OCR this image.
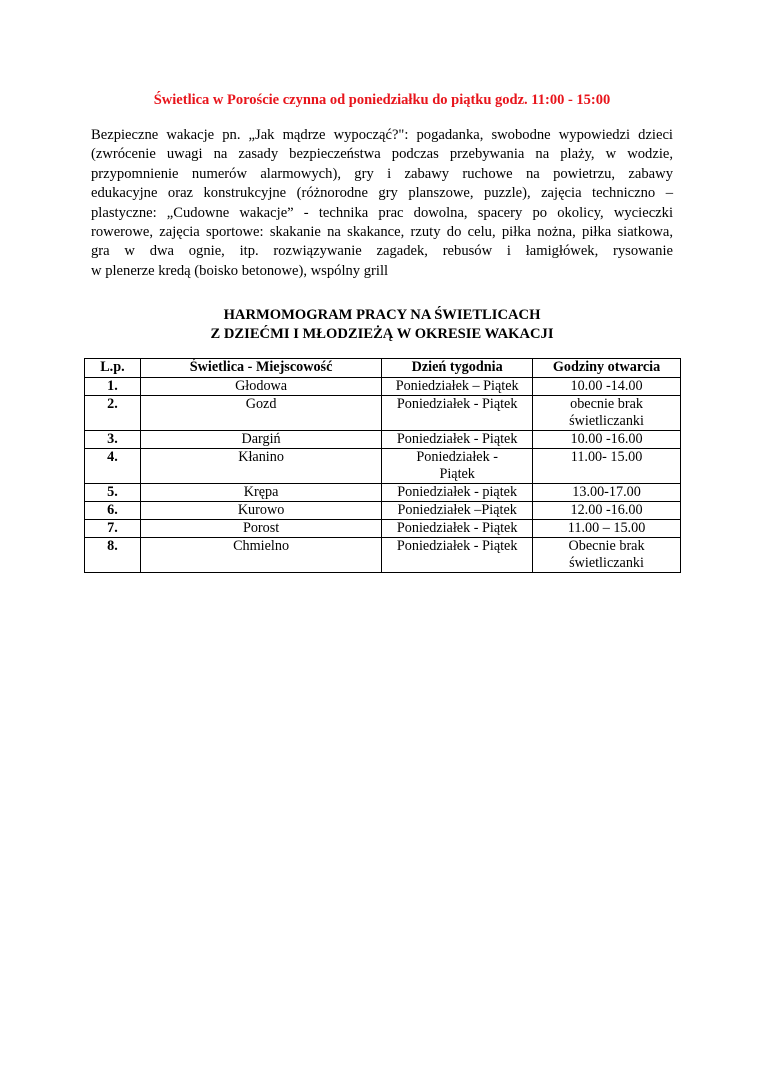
Świetlica w Poroście czynna od poniedziałku do piątku godz. 11:00 - 15:00
Bezpieczne wakacje pn. „Jak mądrze wypocząć?": pogadanka, swobodne wypowiedzi dzieci
(zwrócenie uwagi na zasady bezpieczeństwa podczas przebywania na plaży, w wodzie,
przypomnienie numerów alarmowych), gry i zabawy ruchowe na powietrzu, zabawy
edukacyjne oraz konstrukcyjne (różnorodne gry planszowe, puzzle), zajęcia techniczno –
plastyczne: „Cudowne wakacje” - technika prac dowolna, spacery po okolicy, wycieczki
rowerowe, zajęcia sportowe: skakanie na skakance, rzuty do celu, piłka nożna, piłka siatkowa,
gra w dwa ognie, itp. rozwiązywanie zagadek, rebusów i łamigłówek, rysowanie
w plenerze kredą (boisko betonowe), wspólny grill
HARMOMOGRAM PRACY NA ŚWIETLICACH
Z DZIEĆMI I MŁODZIEŻĄ W OKRESIE WAKACJI
L.p.	Świetlica - Miejscowość	Dzień tygodnia	Godziny otwarcia
1.	Głodowa	Poniedziałek – Piątek	10.00 -14.00
2.	Gozd	Poniedziałek - Piątek	obecnie brak świetliczanki
3.	Dargiń	Poniedziałek - Piątek	10.00 -16.00
4.	Kłanino	Poniedziałek - Piątek	11.00- 15.00
5.	Krępa	Poniedziałek - piątek	13.00-17.00
6.	Kurowo	Poniedziałek –Piątek	12.00 -16.00
7.	Porost	Poniedziałek - Piątek	11.00 – 15.00
8.	Chmielno	Poniedziałek - Piątek	Obecnie brak świetliczanki
